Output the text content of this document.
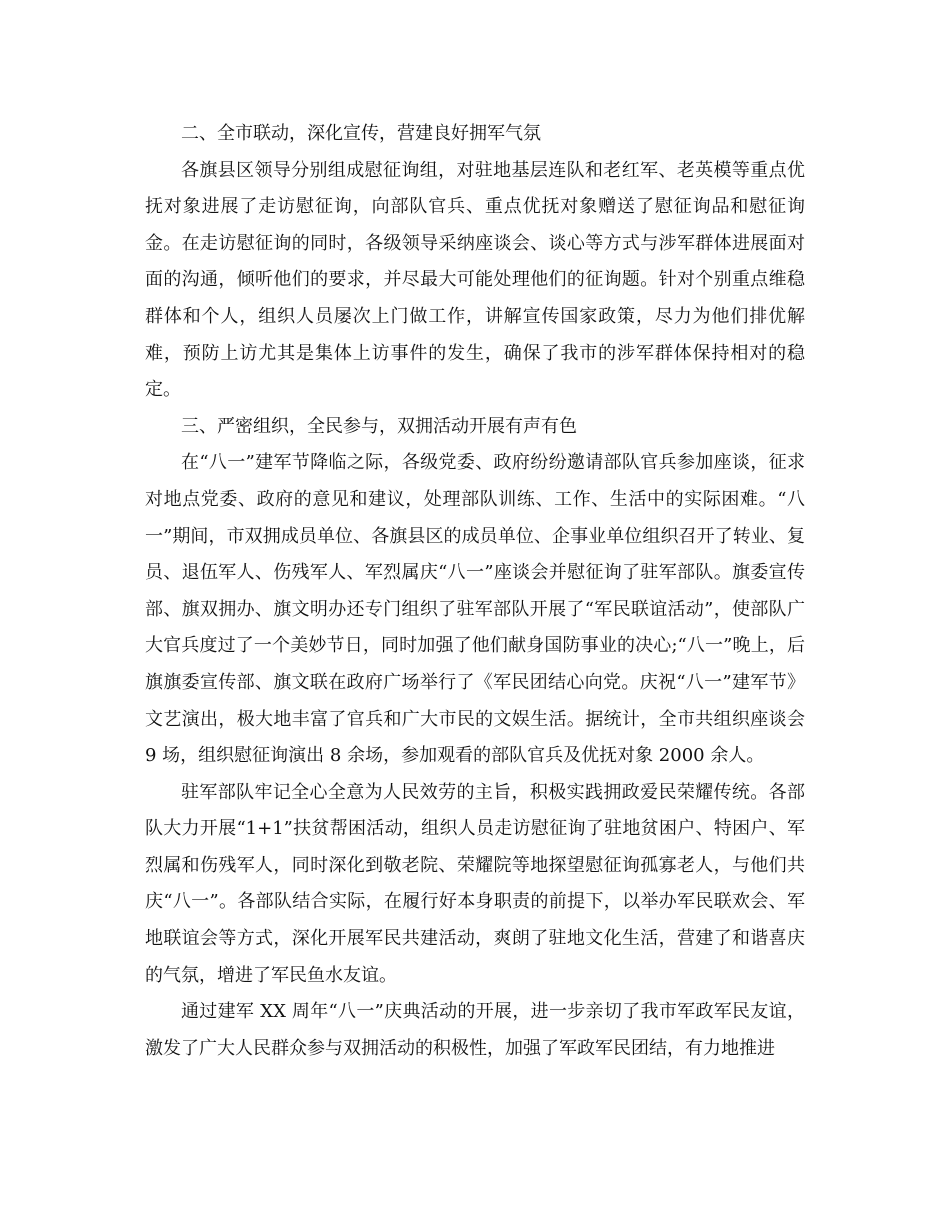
二、全市联动，深化宣传，营建良好拥军气氛

各旗县区领导分别组成慰征询组，对驻地基层连队和老红军、老英模等重点优抚对象进展了走访慰征询，向部队官兵、重点优抚对象赠送了慰征询品和慰征询金。在走访慰征询的同时，各级领导采纳座谈会、谈心等方式与涉军群体进展面对面的沟通，倾听他们的要求，并尽最大可能处理他们的征询题。针对个别重点维稳群体和个人，组织人员屡次上门做工作，讲解宣传国家政策，尽力为他们排优解难，预防上访尤其是集体上访事件的发生，确保了我市的涉军群体保持相对的稳定。

三、严密组织，全民参与，双拥活动开展有声有色

在“八一”建军节降临之际，各级党委、政府纷纷邀请部队官兵参加座谈，征求对地点党委、政府的意见和建议，处理部队训练、工作、生活中的实际困难。“八一”期间，市双拥成员单位、各旗县区的成员单位、企事业单位组织召开了转业、复员、退伍军人、伤残军人、军烈属庆“八一”座谈会并慰征询了驻军部队。旗委宣传部、旗双拥办、旗文明办还专门组织了驻军部队开展了“军民联谊活动”，使部队广大官兵度过了一个美妙节日，同时加强了他们献身国防事业的决心;“八一”晚上，后旗旗委宣传部、旗文联在政府广场举行了《军民团结心向党。庆祝“八一”建军节》文艺演出，极大地丰富了官兵和广大市民的文娱生活。据统计，全市共组织座谈会 9 场，组织慰征询演出 8 余场，参加观看的部队官兵及优抚对象 2000 余人。

驻军部队牢记全心全意为人民效劳的主旨，积极实践拥政爱民荣耀传统。各部队大力开展“1+1”扶贫帮困活动，组织人员走访慰征询了驻地贫困户、特困户、军烈属和伤残军人，同时深化到敬老院、荣耀院等地探望慰征询孤寡老人，与他们共庆“八一”。各部队结合实际，在履行好本身职责的前提下，以举办军民联欢会、军地联谊会等方式，深化开展军民共建活动，爽朗了驻地文化生活，营建了和谐喜庆的气氛，增进了军民鱼水友谊。

通过建军 XX 周年“八一”庆典活动的开展，进一步亲切了我市军政军民友谊，激发了广大人民群众参与双拥活动的积极性，加强了军政军民团结，有力地推进
